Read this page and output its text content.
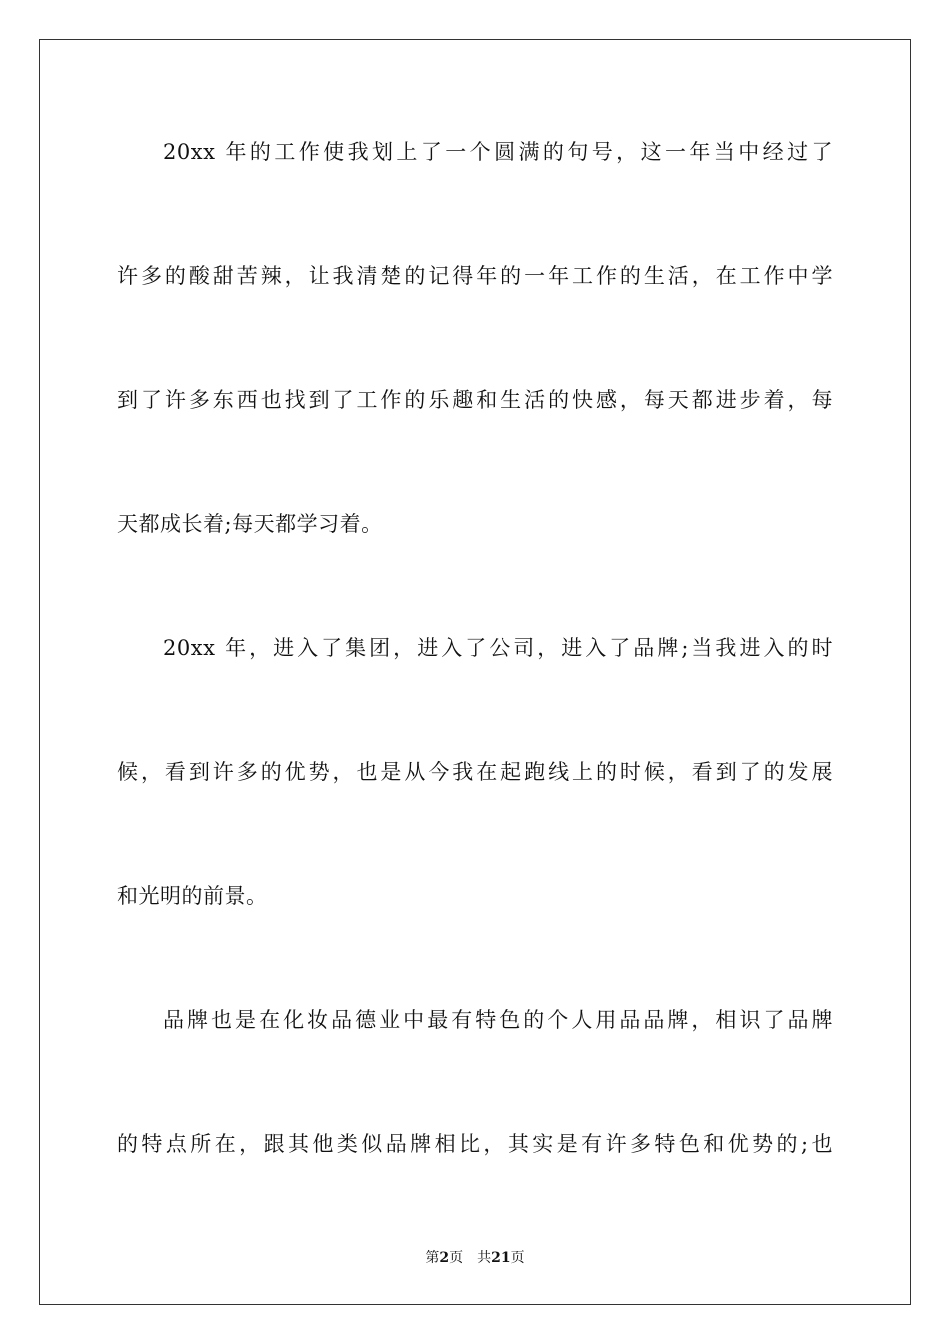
20xx 年的工作使我划上了一个圆满的句号，这一年当中经过了
许多的酸甜苦辣，让我清楚的记得年的一年工作的生活，在工作中学
到了许多东西也找到了工作的乐趣和生活的快感，每天都进步着，每
天都成长着;每天都学习着。
20xx 年，进入了集团，进入了公司，进入了品牌;当我进入的时
候，看到许多的优势，也是从今我在起跑线上的时候，看到了的发展
和光明的前景。
品牌也是在化妆品德业中最有特色的个人用品品牌，相识了品牌
的特点所在，跟其他类似品牌相比，其实是有许多特色和优势的;也
第2页 共21页
